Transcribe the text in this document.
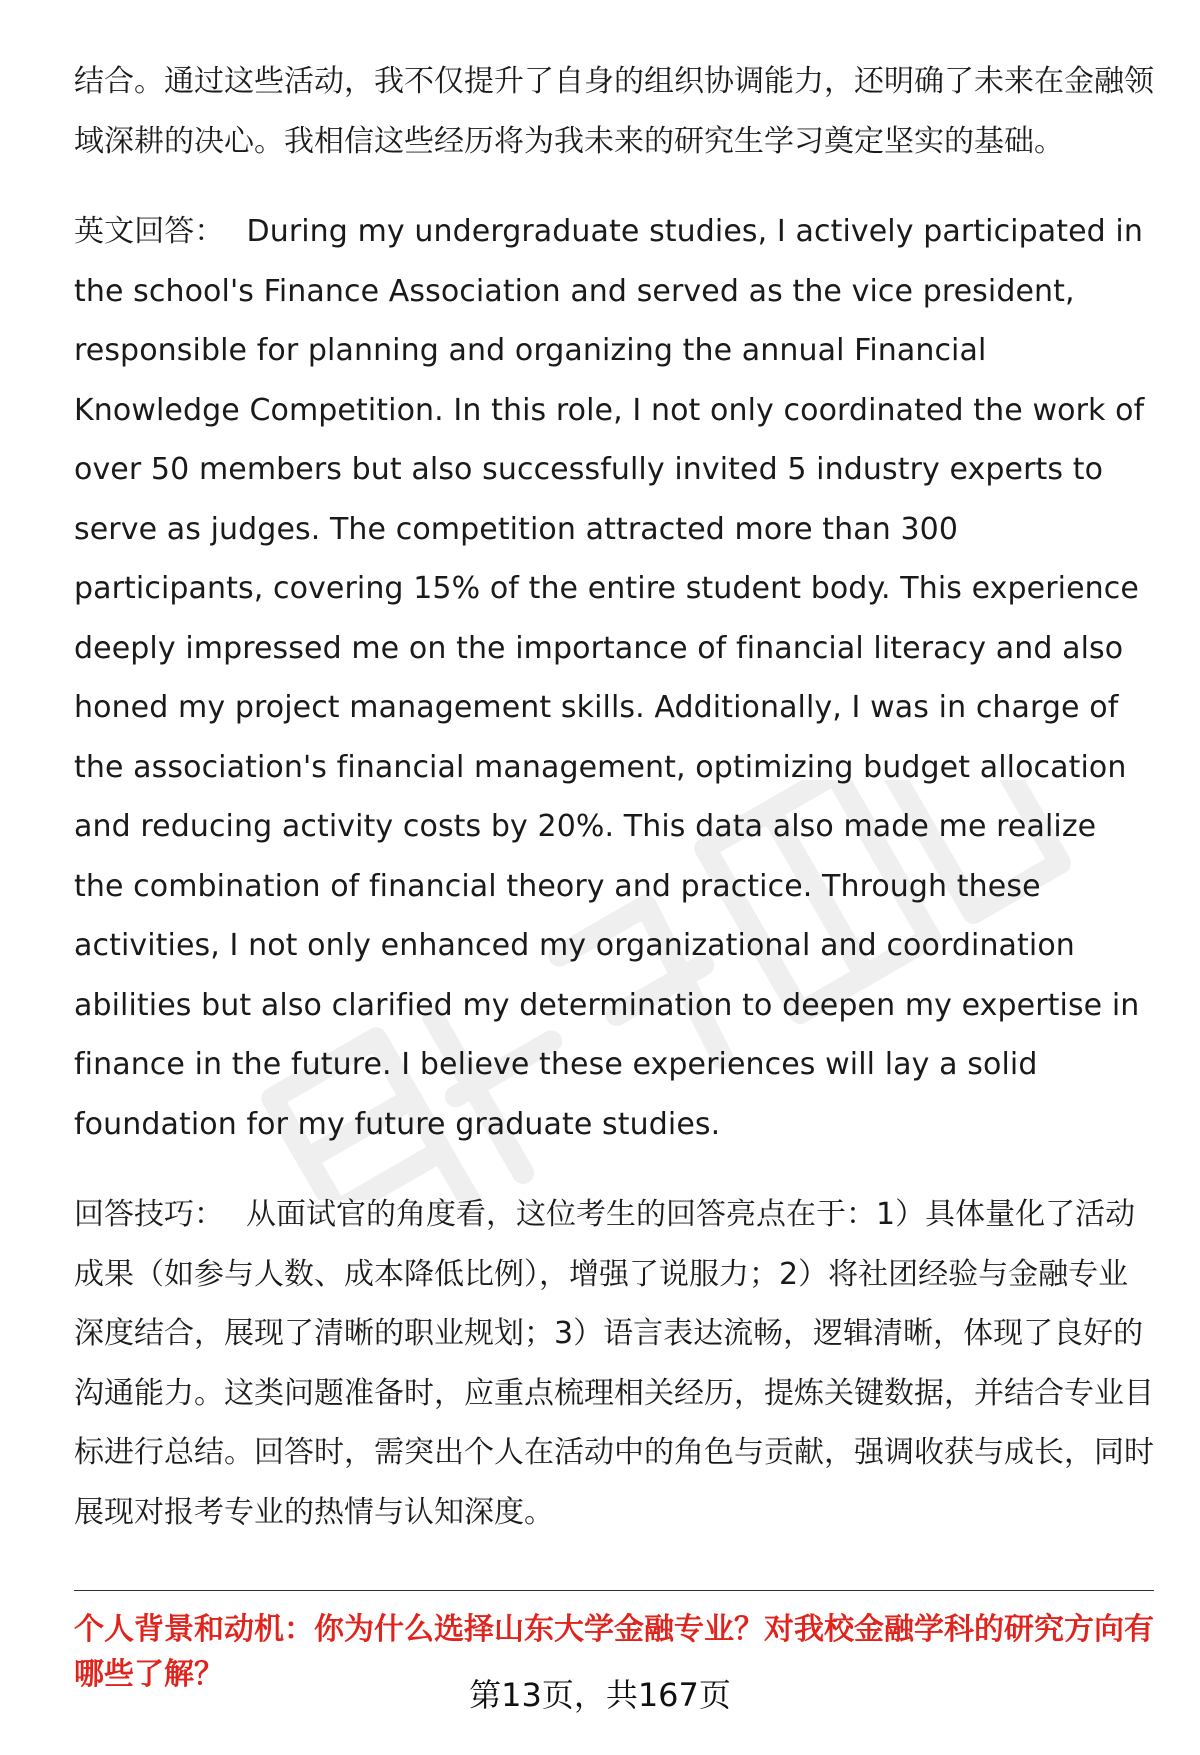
结合。通过这些活动，我不仅提升了自身的组织协调能力，还明确了未来在金融领域深耕的决心。我相信这些经历将为我未来的研究生学习奠定坚实的基础。

英文回答： During my undergraduate studies, I actively participated in the school's Finance Association and served as the vice president, responsible for planning and organizing the annual Financial Knowledge Competition. In this role, I not only coordinated the work of over 50 members but also successfully invited 5 industry experts to serve as judges. The competition attracted more than 300 participants, covering 15% of the entire student body. This experience deeply impressed me on the importance of financial literacy and also honed my project management skills. Additionally, I was in charge of the association's financial management, optimizing budget allocation and reducing activity costs by 20%. This data also made me realize the combination of financial theory and practice. Through these activities, I not only enhanced my organizational and coordination abilities but also clarified my determination to deepen my expertise in finance in the future. I believe these experiences will lay a solid foundation for my future graduate studies.

回答技巧： 从面试官的角度看，这位考生的回答亮点在于：1）具体量化了活动成果（如参与人数、成本降低比例），增强了说服力；2）将社团经验与金融专业深度结合，展现了清晰的职业规划；3）语言表达流畅，逻辑清晰，体现了良好的沟通能力。这类问题准备时，应重点梳理相关经历，提炼关键数据，并结合专业目标进行总结。回答时，需突出个人在活动中的角色与贡献，强调收获与成长，同时展现对报考专业的热情与认知深度。

个人背景和动机：你为什么选择山东大学金融专业？对我校金融学科的研究方向有哪些了解？

第13页，共167页
